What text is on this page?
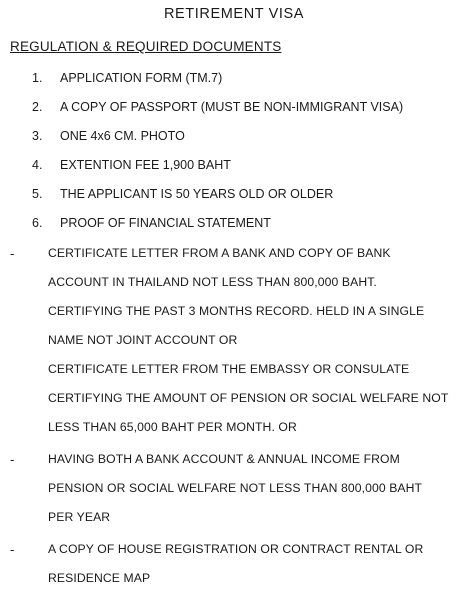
RETIREMENT VISA
REGULATION & REQUIRED DOCUMENTS
1. APPLICATION FORM (TM.7)
2. A COPY OF PASSPORT (MUST BE NON-IMMIGRANT VISA)
3. ONE 4x6 CM. PHOTO
4. EXTENTION FEE 1,900 BAHT
5. THE APPLICANT IS 50 YEARS OLD OR OLDER
6. PROOF OF FINANCIAL STATEMENT
-	CERTIFICATE LETTER FROM A BANK AND COPY OF BANK
ACCOUNT IN THAILAND NOT LESS THAN 800,000 BAHT.
CERTIFYING THE PAST 3 MONTHS RECORD. HELD IN A SINGLE
NAME NOT JOINT ACCOUNT OR
CERTIFICATE LETTER FROM THE EMBASSY OR CONSULATE
CERTIFYING THE AMOUNT OF PENSION OR SOCIAL WELFARE NOT
LESS THAN 65,000 BAHT PER MONTH. OR
-	HAVING BOTH A BANK ACCOUNT & ANNUAL INCOME FROM
PENSION OR SOCIAL WELFARE NOT LESS THAN 800,000 BAHT
PER YEAR
-	A COPY OF HOUSE REGISTRATION OR CONTRACT RENTAL OR
RESIDENCE MAP
